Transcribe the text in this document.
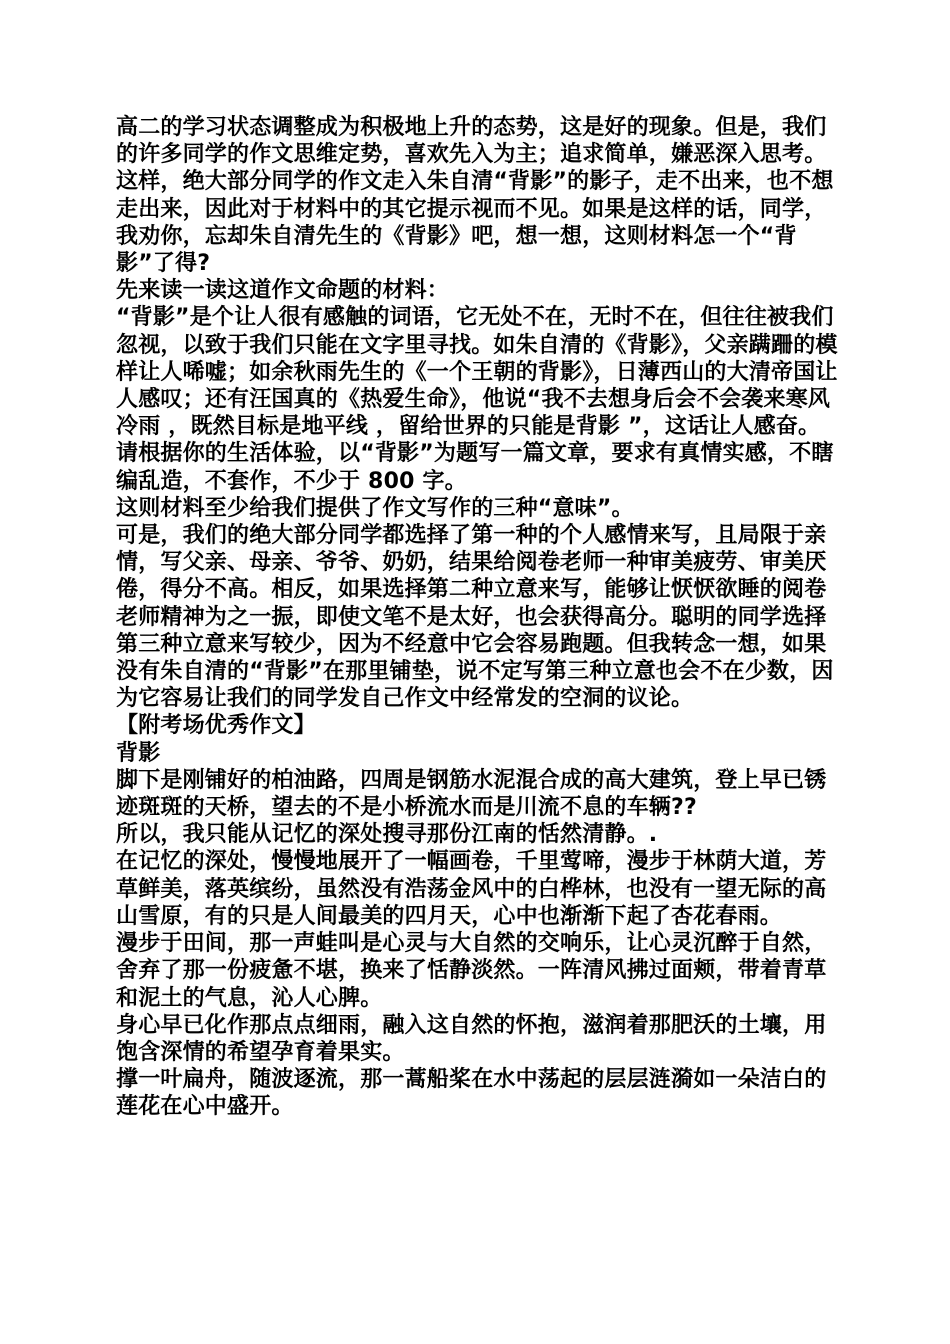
高二的学习状态调整成为积极地上升的态势，这是好的现象。但是，我们的许多同学的作文思维定势，喜欢先入为主；追求简单，嫌恶深入思考。这样，绝大部分同学的作文走入朱自清“背影”的影子，走不出来，也不想走出来，因此对于材料中的其它提示视而不见。如果是这样的话，同学，我劝你，忘却朱自清先生的《背影》吧，想一想，这则材料怎一个“背影”了得?

先来读一读这道作文命题的材料：

“背影”是个让人很有感触的词语，它无处不在，无时不在，但往往被我们忽视，以致于我们只能在文字里寻找。如朱自清的《背影》，父亲蹒跚的模样让人唏嘘；如余秋雨先生的《一个王朝的背影》，日薄西山的大清帝国让人感叹；还有汪国真的《热爱生命》，他说“我不去想身后会不会袭来寒风冷雨 ，既然目标是地平线 ，留给世界的只能是背影 ”，这话让人感奋。

请根据你的生活体验，以“背影”为题写一篇文章，要求有真情实感，不瞎编乱造，不套作，不少于 800 字。

这则材料至少给我们提供了作文写作的三种“意味”。

可是，我们的绝大部分同学都选择了第一种的个人感情来写，且局限于亲情，写父亲、母亲、爷爷、奶奶，结果给阅卷老师一种审美疲劳、审美厌倦，得分不高。相反，如果选择第二种立意来写，能够让恹恹欲睡的阅卷老师精神为之一振，即使文笔不是太好，也会获得高分。聪明的同学选择第三种立意来写较少，因为不经意中它会容易跑题。但我转念一想，如果没有朱自清的“背影”在那里铺垫，说不定写第三种立意也会不在少数，因为它容易让我们的同学发自己作文中经常发的空洞的议论。

【附考场优秀作文】

背影

脚下是刚铺好的柏油路，四周是钢筋水泥混合成的高大建筑，登上早已锈迹斑斑的天桥，望去的不是小桥流水而是川流不息的车辆??

所以，我只能从记忆的深处搜寻那份江南的恬然清静。.

在记忆的深处，慢慢地展开了一幅画卷，千里莺啼，漫步于林荫大道，芳草鲜美，落英缤纷，虽然没有浩荡金风中的白桦林，也没有一望无际的高山雪原，有的只是人间最美的四月天，心中也渐渐下起了杏花春雨。

漫步于田间，那一声蛙叫是心灵与大自然的交响乐，让心灵沉醉于自然，舍弃了那一份疲惫不堪，换来了恬静淡然。一阵清风拂过面颊，带着青草和泥土的气息，沁人心脾。

身心早已化作那点点细雨，融入这自然的怀抱，滋润着那肥沃的土壤，用饱含深情的希望孕育着果实。

撑一叶扁舟，随波逐流，那一蒿船桨在水中荡起的层层涟漪如一朵洁白的莲花在心中盛开。
